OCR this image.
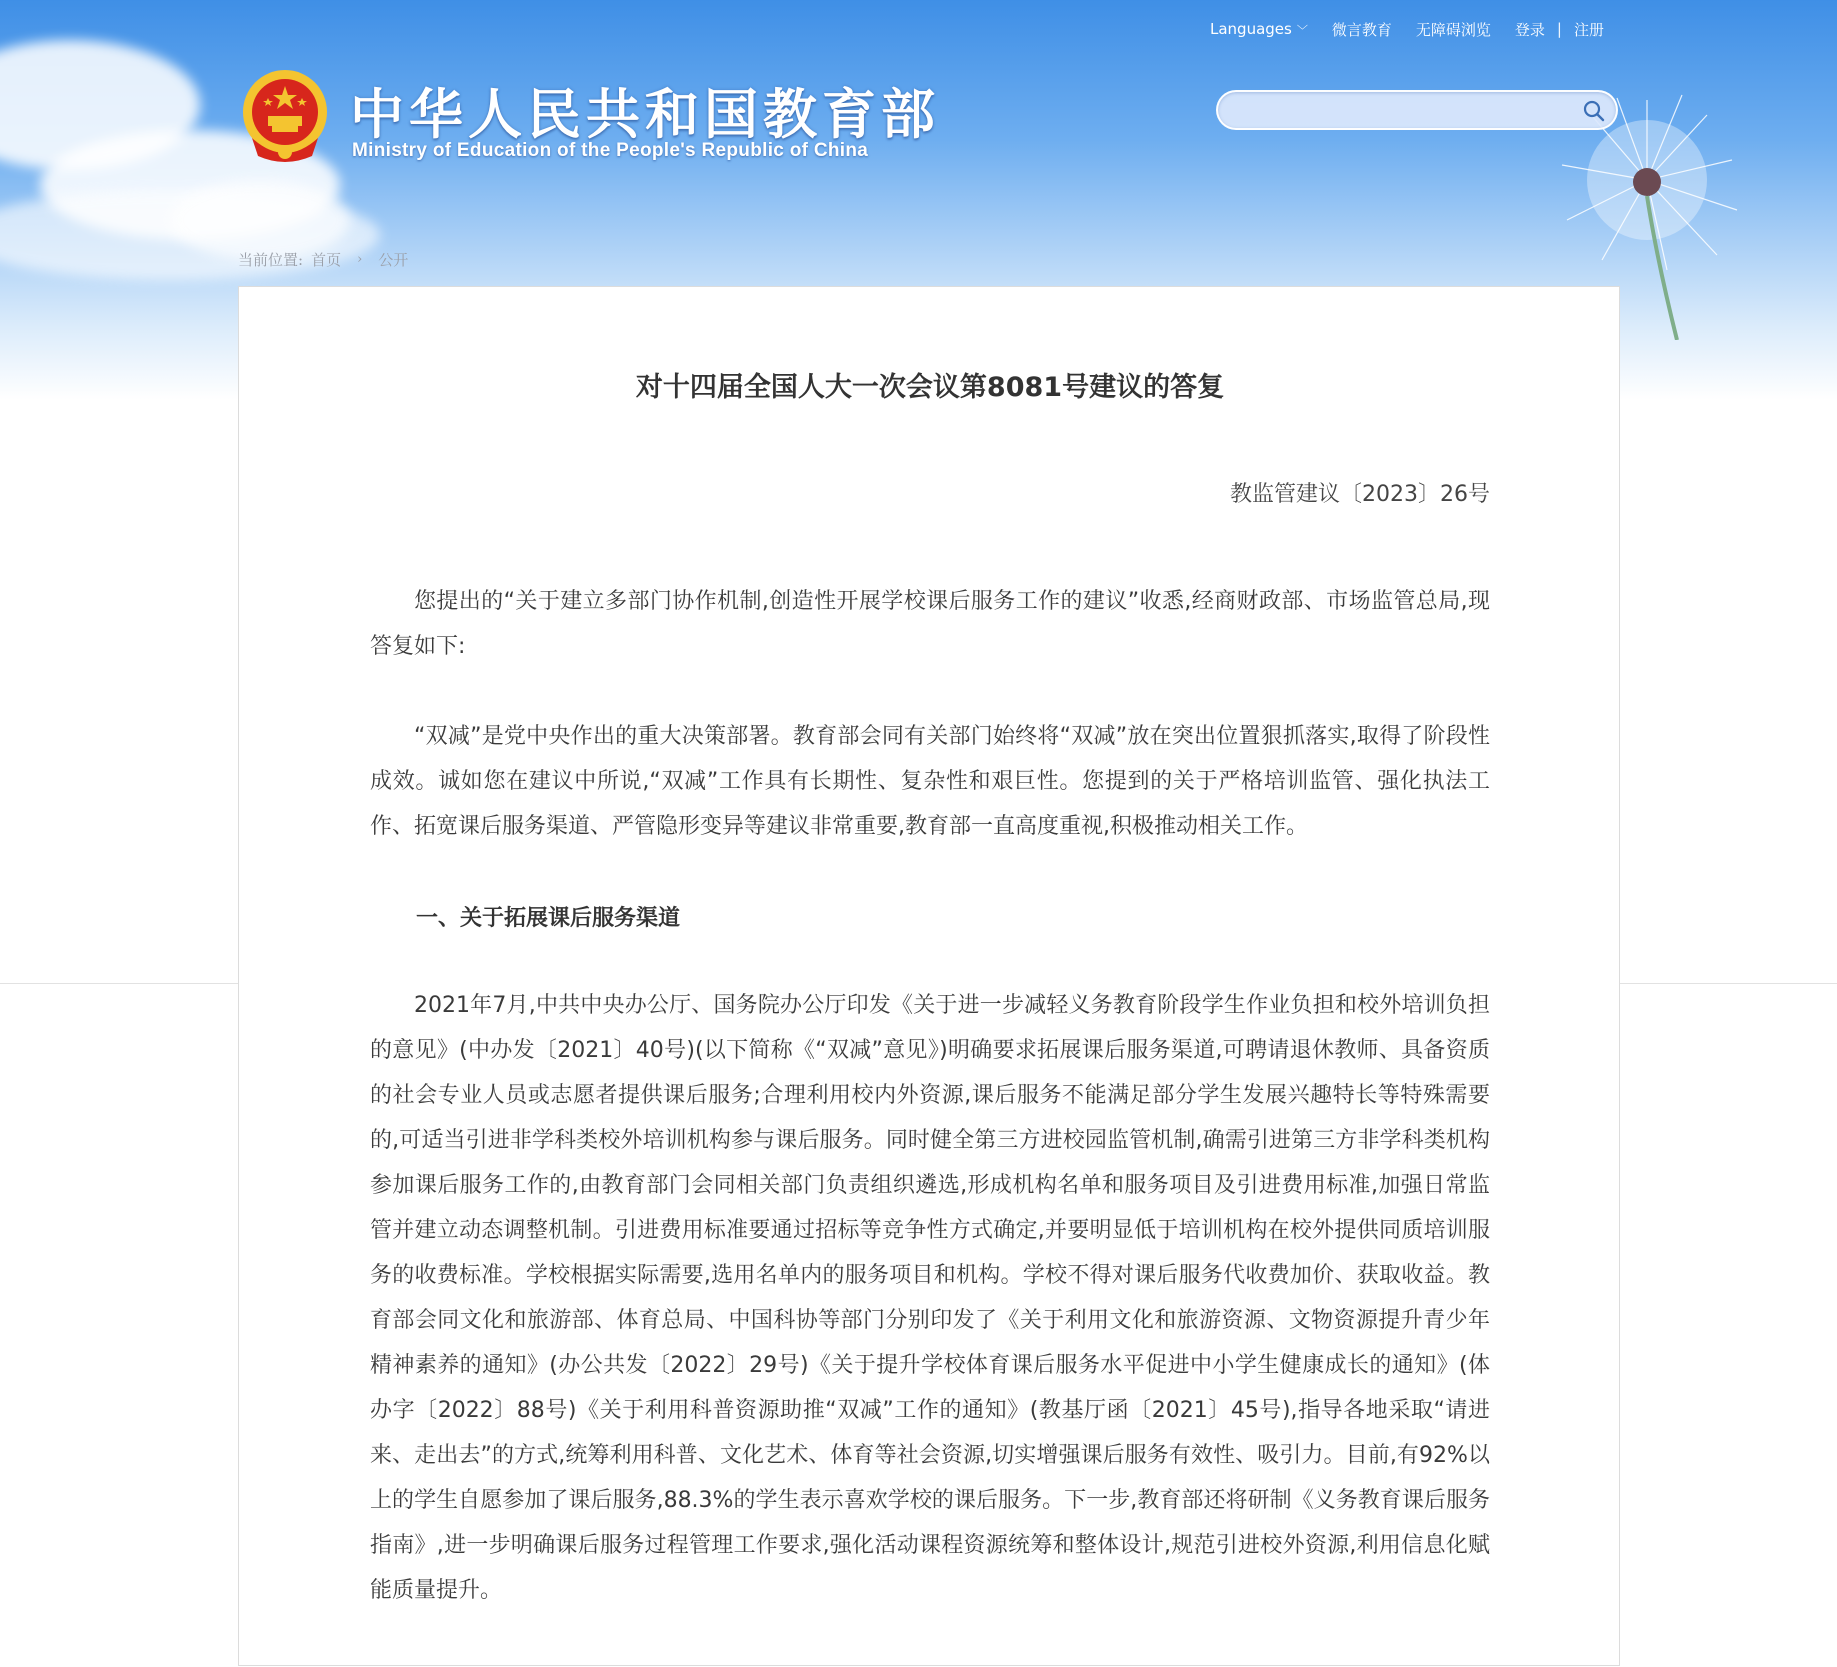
中华人民共和国教育部
Ministry of Education of the People's Republic of China
Languages ﹀ 微言教育 无障碍浏览 登录 | 注册
当前位置: 首页 › 公开
对十四届全国人大一次会议第8081号建议的答复
教监管建议〔2023〕26号

您提出的“关于建立多部门协作机制,创造性开展学校课后服务工作的建议”收悉,经商财政部、市场监管总局,现答复如下:

“双减”是党中央作出的重大决策部署。教育部会同有关部门始终将“双减”放在突出位置狠抓落实,取得了阶段性成效。诚如您在建议中所说,“双减”工作具有长期性、复杂性和艰巨性。您提到的关于严格培训监管、强化执法工作、拓宽课后服务渠道、严管隐形变异等建议非常重要,教育部一直高度重视,积极推动相关工作。

一、关于拓展课后服务渠道

2021年7月,中共中央办公厅、国务院办公厅印发《关于进一步减轻义务教育阶段学生作业负担和校外培训负担的意见》(中办发〔2021〕40号)(以下简称《“双减”意见》)明确要求拓展课后服务渠道,可聘请退休教师、具备资质的社会专业人员或志愿者提供课后服务;合理利用校内外资源,课后服务不能满足部分学生发展兴趣特长等特殊需要的,可适当引进非学科类校外培训机构参与课后服务。同时健全第三方进校园监管机制,确需引进第三方非学科类机构参加课后服务工作的,由教育部门会同相关部门负责组织遴选,形成机构名单和服务项目及引进费用标准,加强日常监管并建立动态调整机制。引进费用标准要通过招标等竞争性方式确定,并要明显低于培训机构在校外提供同质培训服务的收费标准。学校根据实际需要,选用名单内的服务项目和机构。学校不得对课后服务代收费加价、获取收益。教育部会同文化和旅游部、体育总局、中国科协等部门分别印发了《关于利用文化和旅游资源、文物资源提升青少年精神素养的通知》(办公共发〔2022〕29号)《关于提升学校体育课后服务水平促进中小学生健康成长的通知》(体办字〔2022〕88号)《关于利用科普资源助推“双减”工作的通知》(教基厅函〔2021〕45号),指导各地采取“请进来、走出去”的方式,统筹利用科普、文化艺术、体育等社会资源,切实增强课后服务有效性、吸引力。目前,有92%以上的学生自愿参加了课后服务,88.3%的学生表示喜欢学校的课后服务。下一步,教育部还将研制《义务教育课后服务指南》,进一步明确课后服务过程管理工作要求,强化活动课程资源统筹和整体设计,规范引进校外资源,利用信息化赋能质量提升。
